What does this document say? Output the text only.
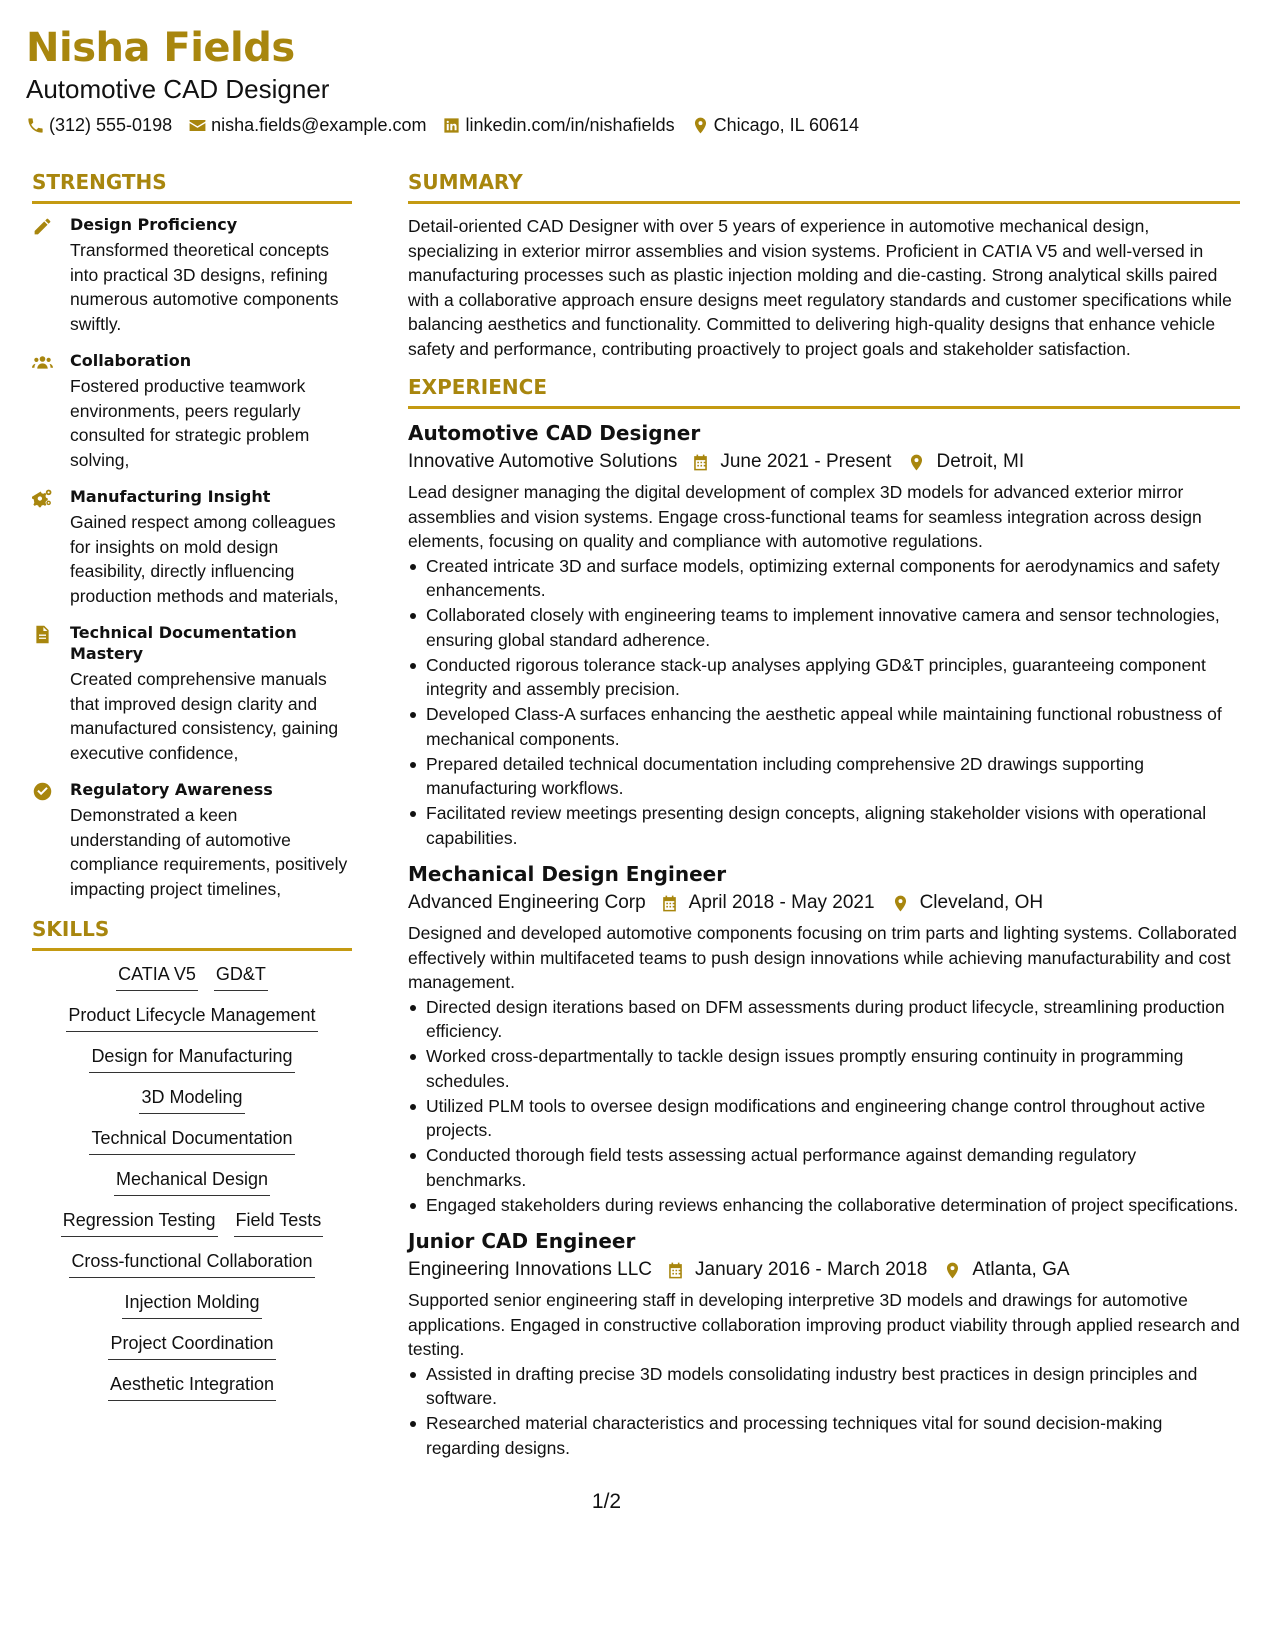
Nisha Fields
Automotive CAD Designer
(312) 555-0198 nisha.fields@example.com linkedin.com/in/nishafields Chicago, IL 60614
STRENGTHS
Design Proficiency
Transformed theoretical concepts into practical 3D designs, refining numerous automotive components swiftly.
Collaboration
Fostered productive teamwork environments, peers regularly consulted for strategic problem solving,
Manufacturing Insight
Gained respect among colleagues for insights on mold design feasibility, directly influencing production methods and materials,
Technical Documentation Mastery
Created comprehensive manuals that improved design clarity and manufactured consistency, gaining executive confidence,
Regulatory Awareness
Demonstrated a keen understanding of automotive compliance requirements, positively impacting project timelines,
SKILLS
CATIA V5 GD&T
Product Lifecycle Management
Design for Manufacturing
3D Modeling
Technical Documentation
Mechanical Design
Regression Testing Field Tests
Cross-functional Collaboration
Injection Molding
Project Coordination
Aesthetic Integration
SUMMARY
Detail-oriented CAD Designer with over 5 years of experience in automotive mechanical design, specializing in exterior mirror assemblies and vision systems. Proficient in CATIA V5 and well-versed in manufacturing processes such as plastic injection molding and die-casting. Strong analytical skills paired with a collaborative approach ensure designs meet regulatory standards and customer specifications while balancing aesthetics and functionality. Committed to delivering high-quality designs that enhance vehicle safety and performance, contributing proactively to project goals and stakeholder satisfaction.
EXPERIENCE
Automotive CAD Designer
Innovative Automotive Solutions June 2021 - Present Detroit, MI
Lead designer managing the digital development of complex 3D models for advanced exterior mirror assemblies and vision systems. Engage cross-functional teams for seamless integration across design elements, focusing on quality and compliance with automotive regulations.
Created intricate 3D and surface models, optimizing external components for aerodynamics and safety enhancements.
Collaborated closely with engineering teams to implement innovative camera and sensor technologies, ensuring global standard adherence.
Conducted rigorous tolerance stack-up analyses applying GD&T principles, guaranteeing component integrity and assembly precision.
Developed Class-A surfaces enhancing the aesthetic appeal while maintaining functional robustness of mechanical components.
Prepared detailed technical documentation including comprehensive 2D drawings supporting manufacturing workflows.
Facilitated review meetings presenting design concepts, aligning stakeholder visions with operational capabilities.
Mechanical Design Engineer
Advanced Engineering Corp April 2018 - May 2021 Cleveland, OH
Designed and developed automotive components focusing on trim parts and lighting systems. Collaborated effectively within multifaceted teams to push design innovations while achieving manufacturability and cost management.
Directed design iterations based on DFM assessments during product lifecycle, streamlining production efficiency.
Worked cross-departmentally to tackle design issues promptly ensuring continuity in programming schedules.
Utilized PLM tools to oversee design modifications and engineering change control throughout active projects.
Conducted thorough field tests assessing actual performance against demanding regulatory benchmarks.
Engaged stakeholders during reviews enhancing the collaborative determination of project specifications.
Junior CAD Engineer
Engineering Innovations LLC January 2016 - March 2018 Atlanta, GA
Supported senior engineering staff in developing interpretive 3D models and drawings for automotive applications. Engaged in constructive collaboration improving product viability through applied research and testing.
Assisted in drafting precise 3D models consolidating industry best practices in design principles and software.
Researched material characteristics and processing techniques vital for sound decision-making regarding designs.
1/2
